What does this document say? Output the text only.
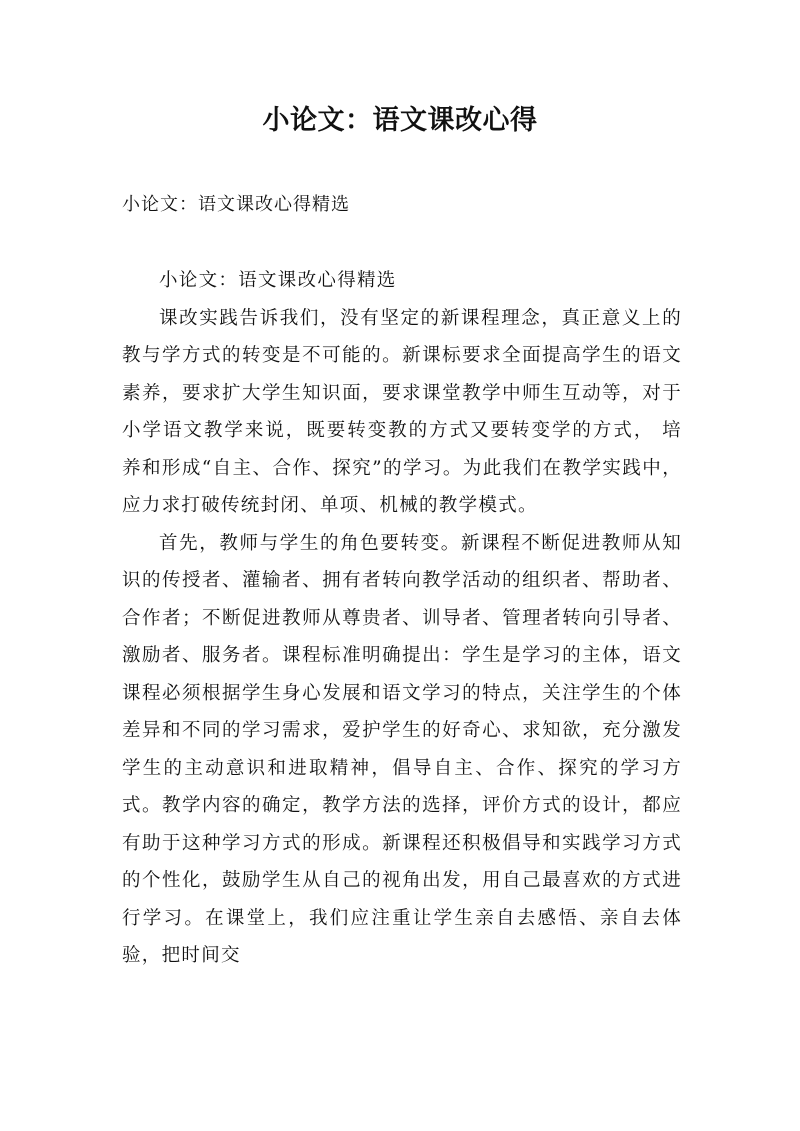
小论文：语文课改心得
小论文：语文课改心得精选

小论文：语文课改心得精选

课改实践告诉我们，没有坚定的新课程理念，真正意义上的教与学方式的转变是不可能的。新课标要求全面提高学生的语文素养，要求扩大学生知识面，要求课堂教学中师生互动等，对于小学语文教学来说，既要转变教的方式又要转变学的方式， 培养和形成“自主、合作、探究”的学习。为此我们在教学实践中，应力求打破传统封闭、单项、机械的教学模式。

首先，教师与学生的角色要转变。新课程不断促进教师从知识的传授者、灌输者、拥有者转向教学活动的组织者、帮助者、合作者；不断促进教师从尊贵者、训导者、管理者转向引导者、激励者、服务者。课程标准明确提出：学生是学习的主体，语文课程必须根据学生身心发展和语文学习的特点，关注学生的个体差异和不同的学习需求，爱护学生的好奇心、求知欲，充分激发学生的主动意识和进取精神，倡导自主、合作、探究的学习方式。教学内容的确定，教学方法的选择，评价方式的设计，都应有助于这种学习方式的形成。新课程还积极倡导和实践学习方式的个性化，鼓励学生从自己的视角出发，用自己最喜欢的方式进行学习。在课堂上，我们应注重让学生亲自去感悟、亲自去体验，把时间交
